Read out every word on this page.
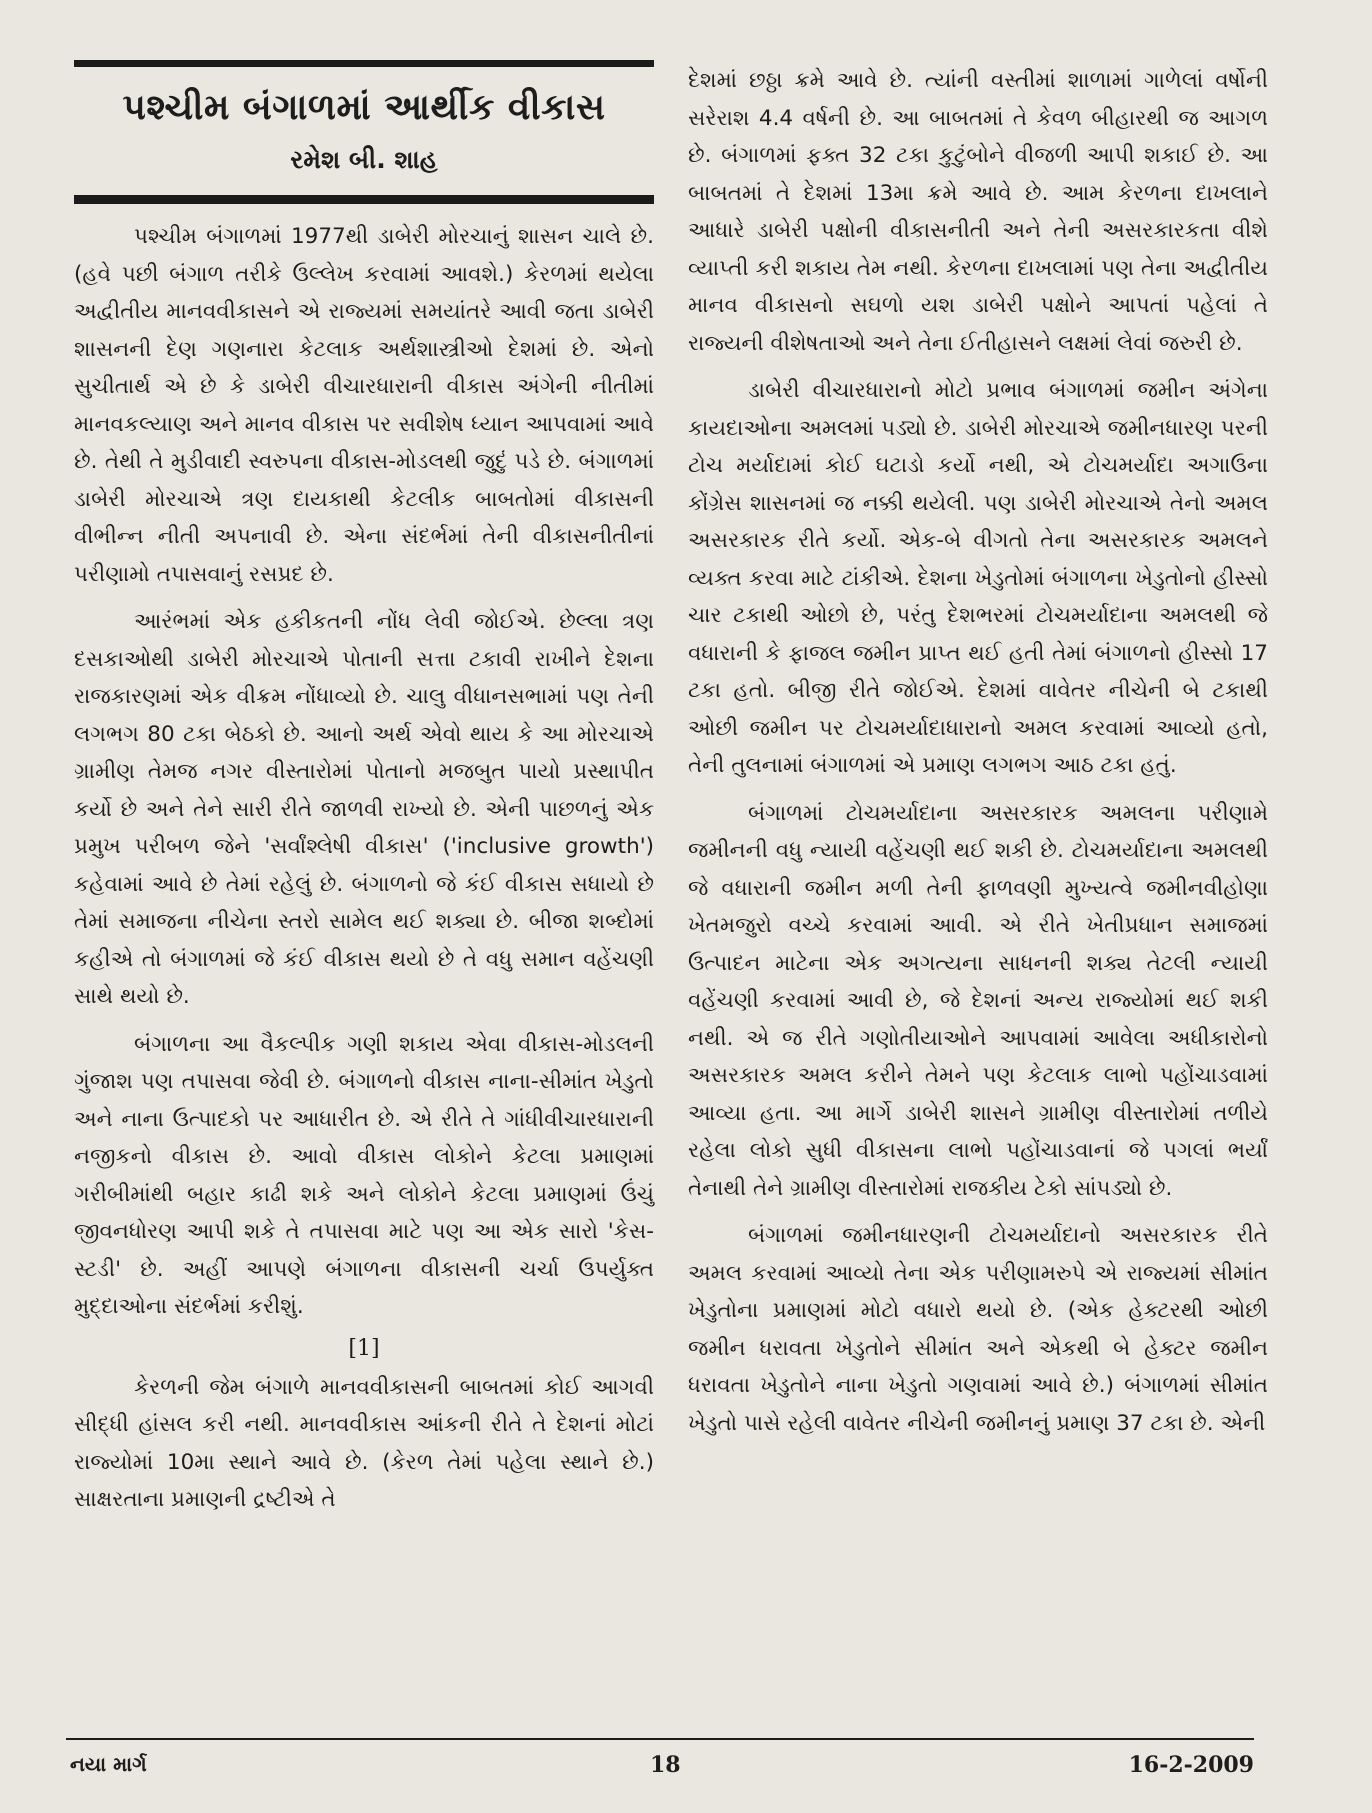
પશ્ચીમ બંગાળમાં આર્થીક વીકાસ
રમેશ બી. શાહ

પશ્ચીમ બંગાળમાં 1977થી ડાબેરી મોરચાનું શાસન ચાલે છે. (હવે પછી બંગાળ તરીકે ઉલ્લેખ કરવામાં આવશે.) કેરળમાં થયેલા અદ્વીતીય માનવવીકાસને એ રાજ્યમાં સમયાંતરે આવી જતા ડાબેરી શાસનની દેણ ગણનારા કેટલાક અર્થશાસ્ત્રીઓ દેશમાં છે. એનો સુચીતાર્થ એ છે કે ડાબેરી વીચારધારાની વીકાસ અંગેની નીતીમાં માનવકલ્યાણ અને માનવ વીકાસ પર સવીશેષ ધ્યાન આપવામાં આવે છે. તેથી તે મુડીવાદી સ્વરુપના વીકાસ-મોડલથી જુદું પડે છે. બંગાળમાં ડાબેરી મોરચાએ ત્રણ દાયકાથી કેટલીક બાબતોમાં વીકાસની વીભીન્ન નીતી અપનાવી છે. એના સંદર્ભમાં તેની વીકાસનીતીનાં પરીણામો તપાસવાનું રસપ્રદ છે.

આરંભમાં એક હકીકતની નોંધ લેવી જોઈએ. છેલ્લા ત્રણ દસકાઓથી ડાબેરી મોરચાએ પોતાની સત્તા ટકાવી રાખીને દેશના રાજકારણમાં એક વીક્રમ નોંધાવ્યો છે. ચાલુ વીધાનસભામાં પણ તેની લગભગ 80 ટકા બેઠકો છે. આનો અર્થ એવો થાય કે આ મોરચાએ ગ્રામીણ તેમજ નગર વીસ્તારોમાં પોતાનો મજબુત પાયો પ્રસ્થાપીત કર્યો છે અને તેને સારી રીતે જાળવી રાખ્યો છે. એની પાછળનું એક પ્રમુખ પરીબળ જેને 'સર્વાંશ્લેષી વીકાસ' ('inclusive growth') કહેવામાં આવે છે તેમાં રહેલું છે. બંગાળનો જે કંઈ વીકાસ સધાયો છે તેમાં સમાજના નીચેના સ્તરો સામેલ થઈ શક્યા છે. બીજા શબ્દોમાં કહીએ તો બંગાળમાં જે કંઈ વીકાસ થયો છે તે વધુ સમાન વહેંચણી સાથે થયો છે.

બંગાળના આ વૈકલ્પીક ગણી શકાય એવા વીકાસ-મોડલની ગુંજાશ પણ તપાસવા જેવી છે. બંગાળનો વીકાસ નાના-સીમાંત ખેડુતો અને નાના ઉત્પાદકો પર આધારીત છે. એ રીતે તે ગાંધીવીચારધારાની નજીકનો વીકાસ છે. આવો વીકાસ લોકોને કેટલા પ્રમાણમાં ગરીબીમાંથી બહાર કાઢી શકે અને લોકોને કેટલા પ્રમાણમાં ઉંચું જીવનધોરણ આપી શકે તે તપાસવા માટે પણ આ એક સારો 'કેસ-સ્ટડી' છે. અહીં આપણે બંગાળના વીકાસની ચર્ચા ઉપર્યુક્ત મુદ્દાઓના સંદર્ભમાં કરીશું.

[1]

કેરળની જેમ બંગાળે માનવવીકાસની બાબતમાં કોઈ આગવી સીદ્ધી હાંસલ કરી નથી. માનવવીકાસ આંકની રીતે તે દેશનાં મોટાં રાજ્યોમાં 10મા સ્થાને આવે છે. (કેરળ તેમાં પહેલા સ્થાને છે.) સાક્ષરતાના પ્રમાણની દ્રષ્ટીએ તે

દેશમાં છઠ્ઠા ક્રમે આવે છે. ત્યાંની વસ્તીમાં શાળામાં ગાળેલાં વર્ષોની સરેરાશ 4.4 વર્ષની છે. આ બાબતમાં તે કેવળ બીહારથી જ આગળ છે. બંગાળમાં ફક્ત 32 ટકા કુટુંબોને વીજળી આપી શકાઈ છે. આ બાબતમાં તે દેશમાં 13મા ક્રમે આવે છે. આમ કેરળના દાખલાને આધારે ડાબેરી પક્ષોની વીકાસનીતી અને તેની અસરકારકતા વીશે વ્યાપ્તી કરી શકાય તેમ નથી. કેરળના દાખલામાં પણ તેના અદ્વીતીય માનવ વીકાસનો સઘળો યશ ડાબેરી પક્ષોને આપતાં પહેલાં તે રાજ્યની વીશેષતાઓ અને તેના ઈતીહાસને લક્ષમાં લેવાં જરુરી છે.

ડાબેરી વીચારધારાનો મોટો પ્રભાવ બંગાળમાં જમીન અંગેના કાયદાઓના અમલમાં પડ્યો છે. ડાબેરી મોરચાએ જમીનધારણ પરની ટોચ મર્યાદામાં કોઈ ઘટાડો કર્યો નથી, એ ટોચમર્યાદા અગાઉના કોંગ્રેસ શાસનમાં જ નક્કી થયેલી. પણ ડાબેરી મોરચાએ તેનો અમલ અસરકારક રીતે કર્યો. એક-બે વીગતો તેના અસરકારક અમલને વ્યક્ત કરવા માટે ટાંકીએ. દેશના ખેડુતોમાં બંગાળના ખેડુતોનો હીસ્સો ચાર ટકાથી ઓછો છે, પરંતુ દેશભરમાં ટોચમર્યાદાના અમલથી જે વધારાની કે ફાજલ જમીન પ્રાપ્ત થઈ હતી તેમાં બંગાળનો હીસ્સો 17 ટકા હતો. બીજી રીતે જોઈએ. દેશમાં વાવેતર નીચેની બે ટકાથી ઓછી જમીન પર ટોચમર્યાદાધારાનો અમલ કરવામાં આવ્યો હતો, તેની તુલનામાં બંગાળમાં એ પ્રમાણ લગભગ આઠ ટકા હતું.

બંગાળમાં ટોચમર્યાદાના અસરકારક અમલના પરીણામે જમીનની વધુ ન્યાયી વહેંચણી થઈ શકી છે. ટોચમર્યાદાના અમલથી જે વધારાની જમીન મળી તેની ફાળવણી મુખ્યત્વે જમીનવીહોણા ખેતમજુરો વચ્ચે કરવામાં આવી. એ રીતે ખેતીપ્રધાન સમાજમાં ઉત્પાદન માટેના એક અગત્યના સાધનની શક્ય તેટલી ન્યાયી વહેંચણી કરવામાં આવી છે, જે દેશનાં અન્ય રાજ્યોમાં થઈ શકી નથી. એ જ રીતે ગણોતીયાઓને આપવામાં આવેલા અધીકારોનો અસરકારક અમલ કરીને તેમને પણ કેટલાક લાભો પહોંચાડવામાં આવ્યા હતા. આ માર્ગે ડાબેરી શાસને ગ્રામીણ વીસ્તારોમાં તળીયે રહેલા લોકો સુધી વીકાસના લાભો પહોંચાડવાનાં જે પગલાં ભર્યાં તેનાથી તેને ગ્રામીણ વીસ્તારોમાં રાજકીય ટેકો સાંપડ્યો છે.

બંગાળમાં જમીનધારણની ટોચમર્યાદાનો અસરકારક રીતે અમલ કરવામાં આવ્યો તેના એક પરીણામરુપે એ રાજ્યમાં સીમાંત ખેડુતોના પ્રમાણમાં મોટો વધારો થયો છે. (એક હેક્ટરથી ઓછી જમીન ધરાવતા ખેડુતોને સીમાંત અને એકથી બે હેક્ટર જમીન ધરાવતા ખેડુતોને નાના ખેડુતો ગણવામાં આવે છે.) બંગાળમાં સીમાંત ખેડુતો પાસે રહેલી વાવેતર નીચેની જમીનનું પ્રમાણ 37 ટકા છે. એની

નયા માર્ગ	18	16-2-2009
